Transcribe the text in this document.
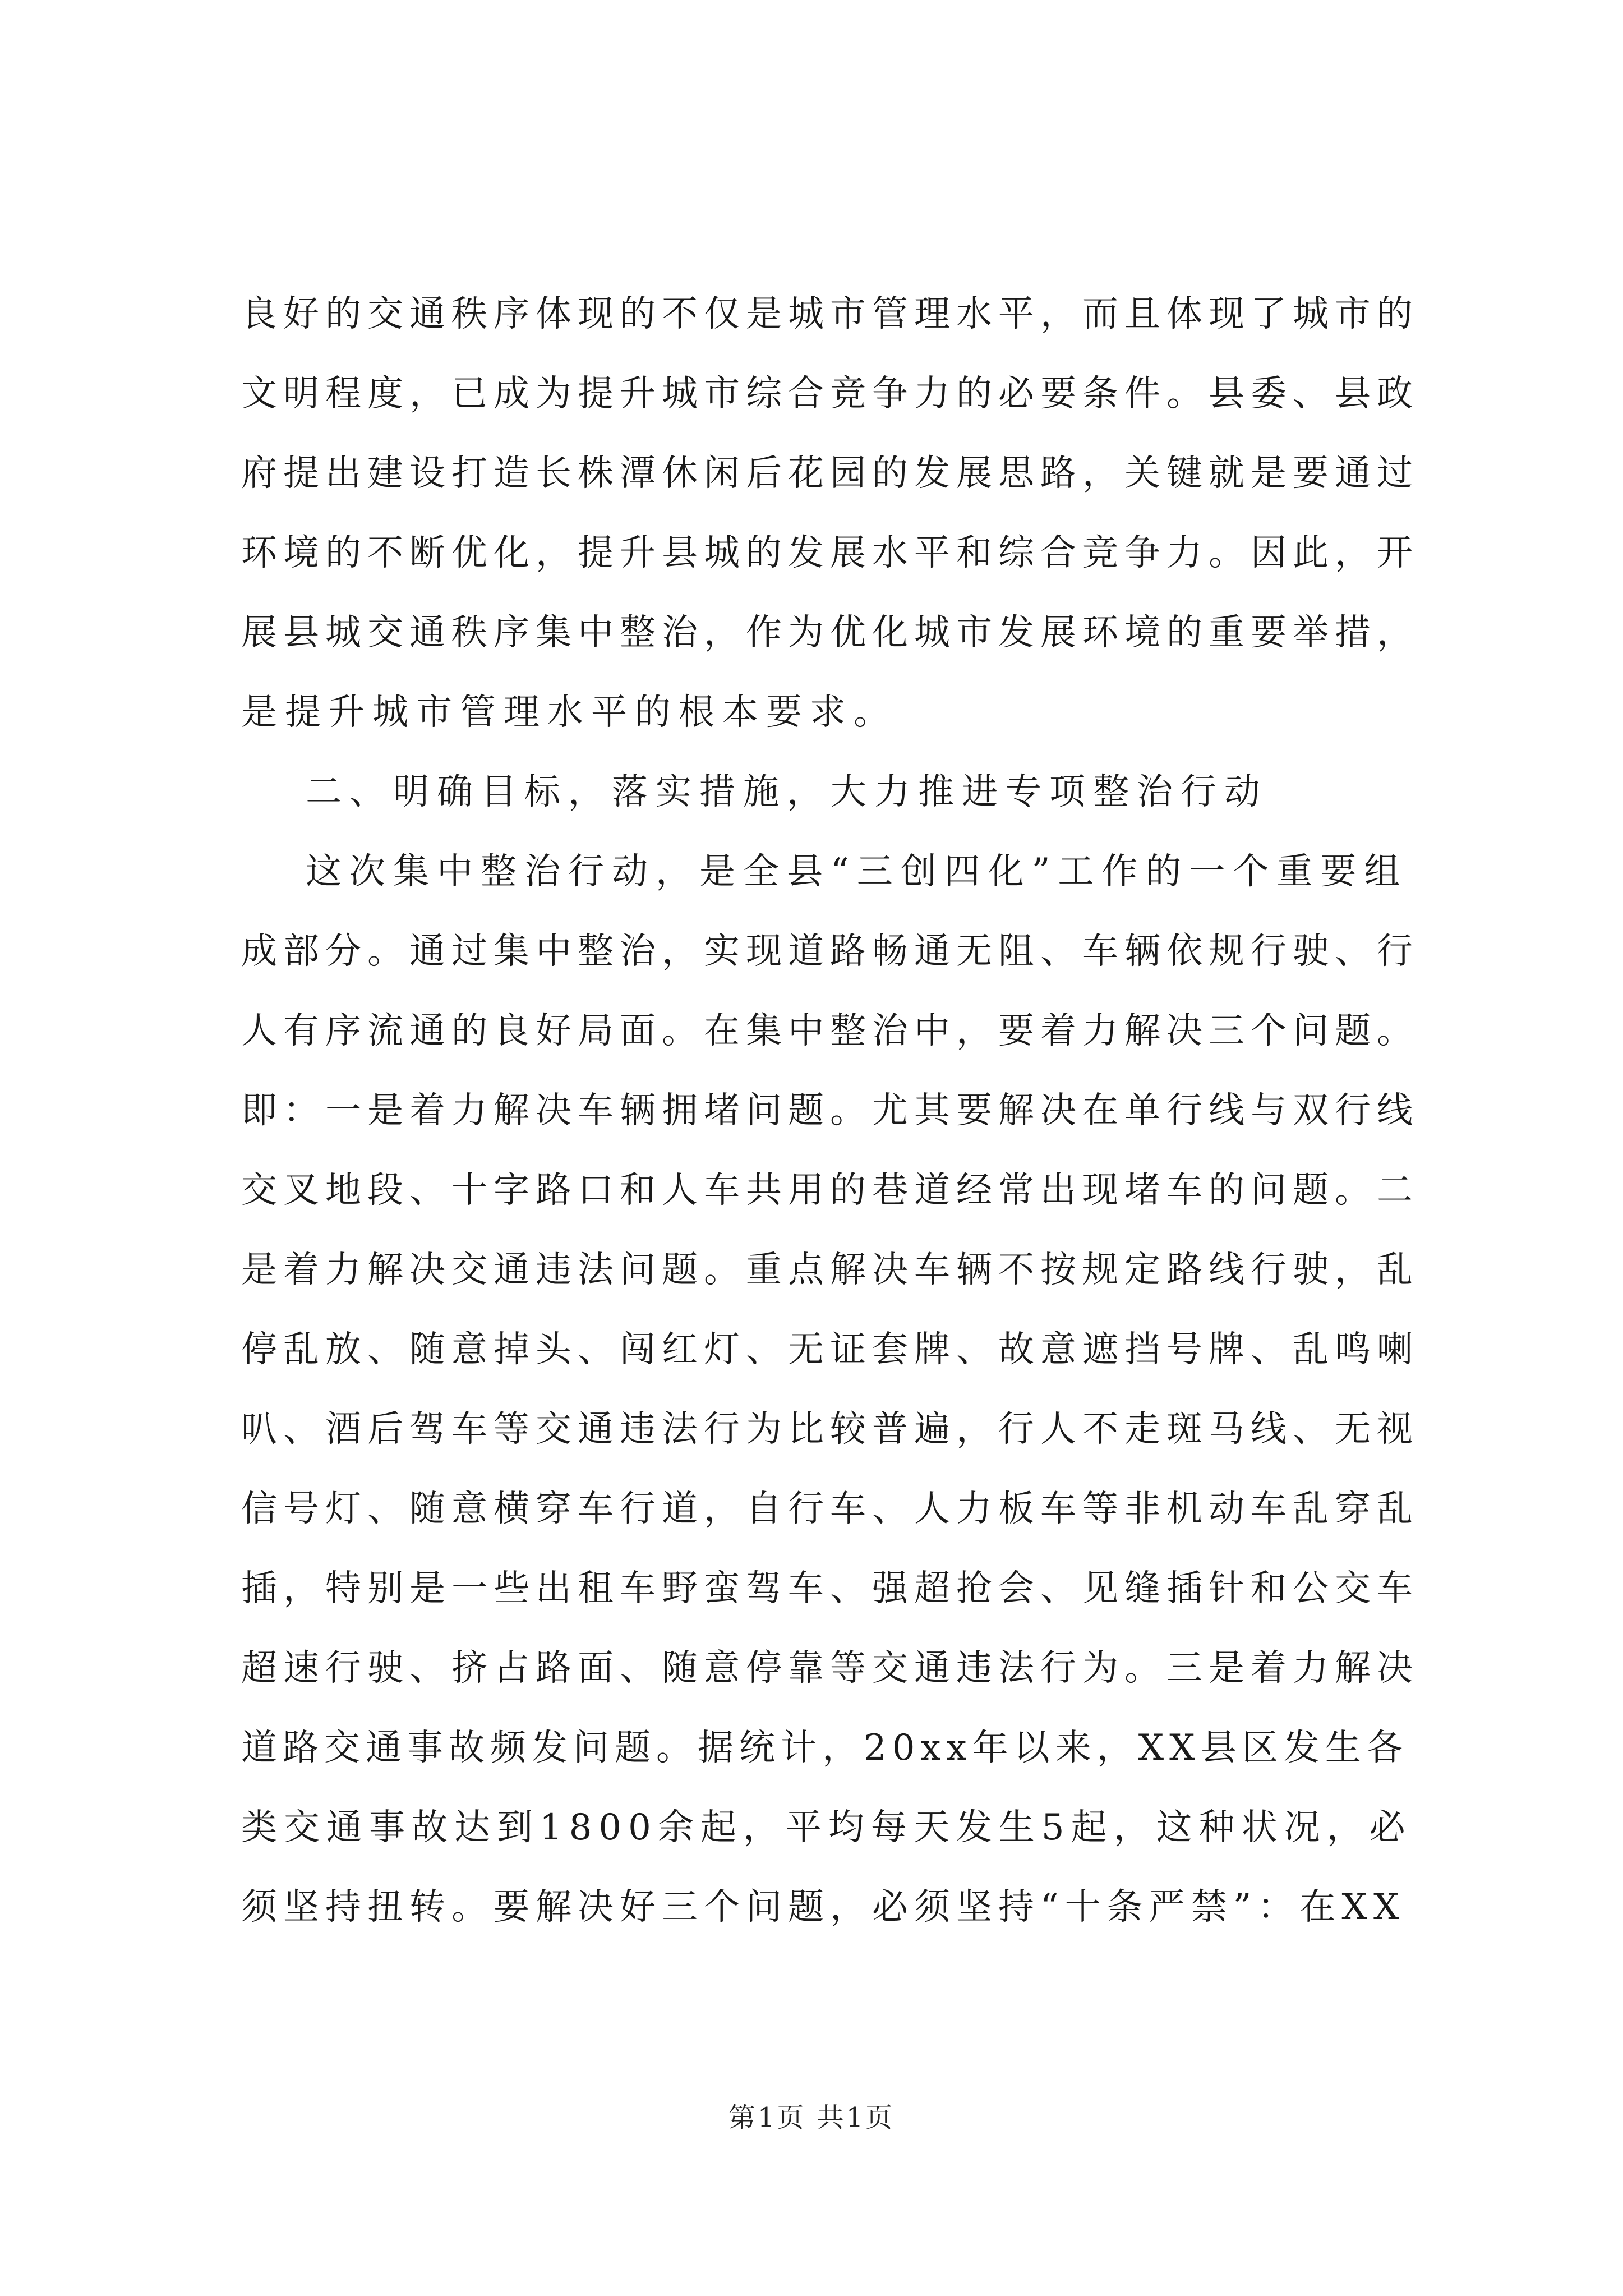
良好的交通秩序体现的不仅是城市管理水平，而且体现了城市的
文明程度，已成为提升城市综合竞争力的必要条件。县委、县政
府提出建设打造长株潭休闲后花园的发展思路，关键就是要通过
环境的不断优化，提升县城的发展水平和综合竞争力。因此，开
展县城交通秩序集中整治，作为优化城市发展环境的重要举措，
是提升城市管理水平的根本要求。
二、明确目标，落实措施，大力推进专项整治行动
这次集中整治行动，是全县“三创四化”工作的一个重要组
成部分。通过集中整治，实现道路畅通无阻、车辆依规行驶、行
人有序流通的良好局面。在集中整治中，要着力解决三个问题。
即：一是着力解决车辆拥堵问题。尤其要解决在单行线与双行线
交叉地段、十字路口和人车共用的巷道经常出现堵车的问题。二
是着力解决交通违法问题。重点解决车辆不按规定路线行驶，乱
停乱放、随意掉头、闯红灯、无证套牌、故意遮挡号牌、乱鸣喇
叭、酒后驾车等交通违法行为比较普遍，行人不走斑马线、无视
信号灯、随意横穿车行道，自行车、人力板车等非机动车乱穿乱
插，特别是一些出租车野蛮驾车、强超抢会、见缝插针和公交车
超速行驶、挤占路面、随意停靠等交通违法行为。三是着力解决
道路交通事故频发问题。据统计，20xx年以来，XX县区发生各
类交通事故达到1800余起，平均每天发生5起，这种状况，必
须坚持扭转。要解决好三个问题，必须坚持“十条严禁”：在XX
第1页 共1页
